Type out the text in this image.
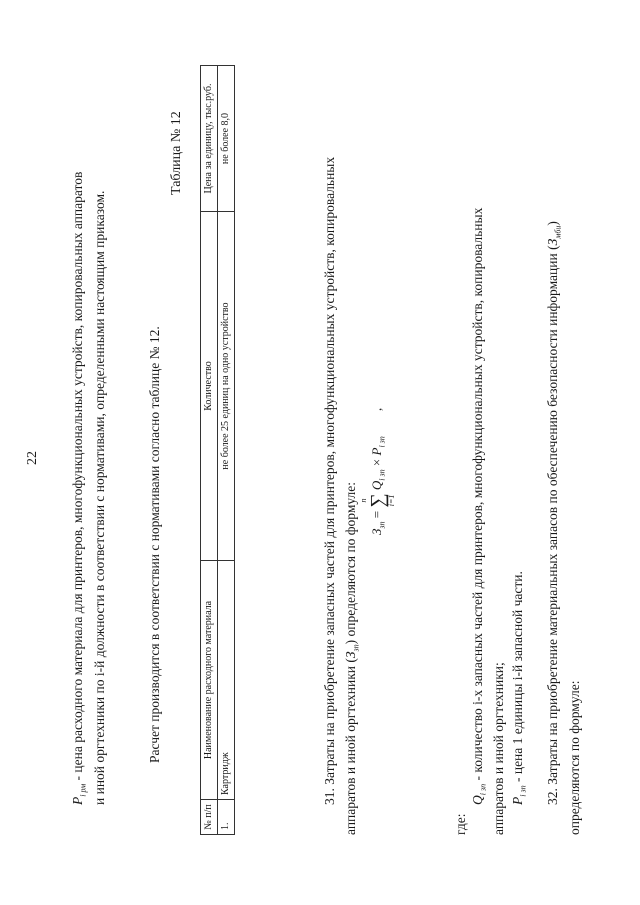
22
$P_{i рм}$ - цена расходного материала для принтеров, многофункциональных устройств, копировальных аппаратов и иной оргтехники по i-й должности в соответствии с нормативами, определенными настоящим приказом.	Расчет производится в соответствии с нормативами согласно таблице № 12.
Таблица № 12
№ п/п	Наименование расходного материала	Количество	Цена за единицу, тыс.руб.
1.	Картридж	не более 25 единиц на одно устройство	не более 8,0
31. Затраты на приобретение запасных частей для принтеров, многофункциональных устройств, копировальных аппаратов и иной оргтехники $(З_{зп})$ определяются по формуле: $З_{зп}$ =
n ∑
i=1
$Q_{i зп} \times P_{i зп}$ ,
где:
$Q_{i зп}$ - количество i-х запасных частей для принтеров, многофункциональных устройств, копировальных аппаратов и иной оргтехники; $P_{i зп}$ - цена 1 единицы i-й запасной части. 32. Затраты на приобретение материальных запасов по обеспечению безопасности информации $(З_{мби})$
определяются по формуле:
